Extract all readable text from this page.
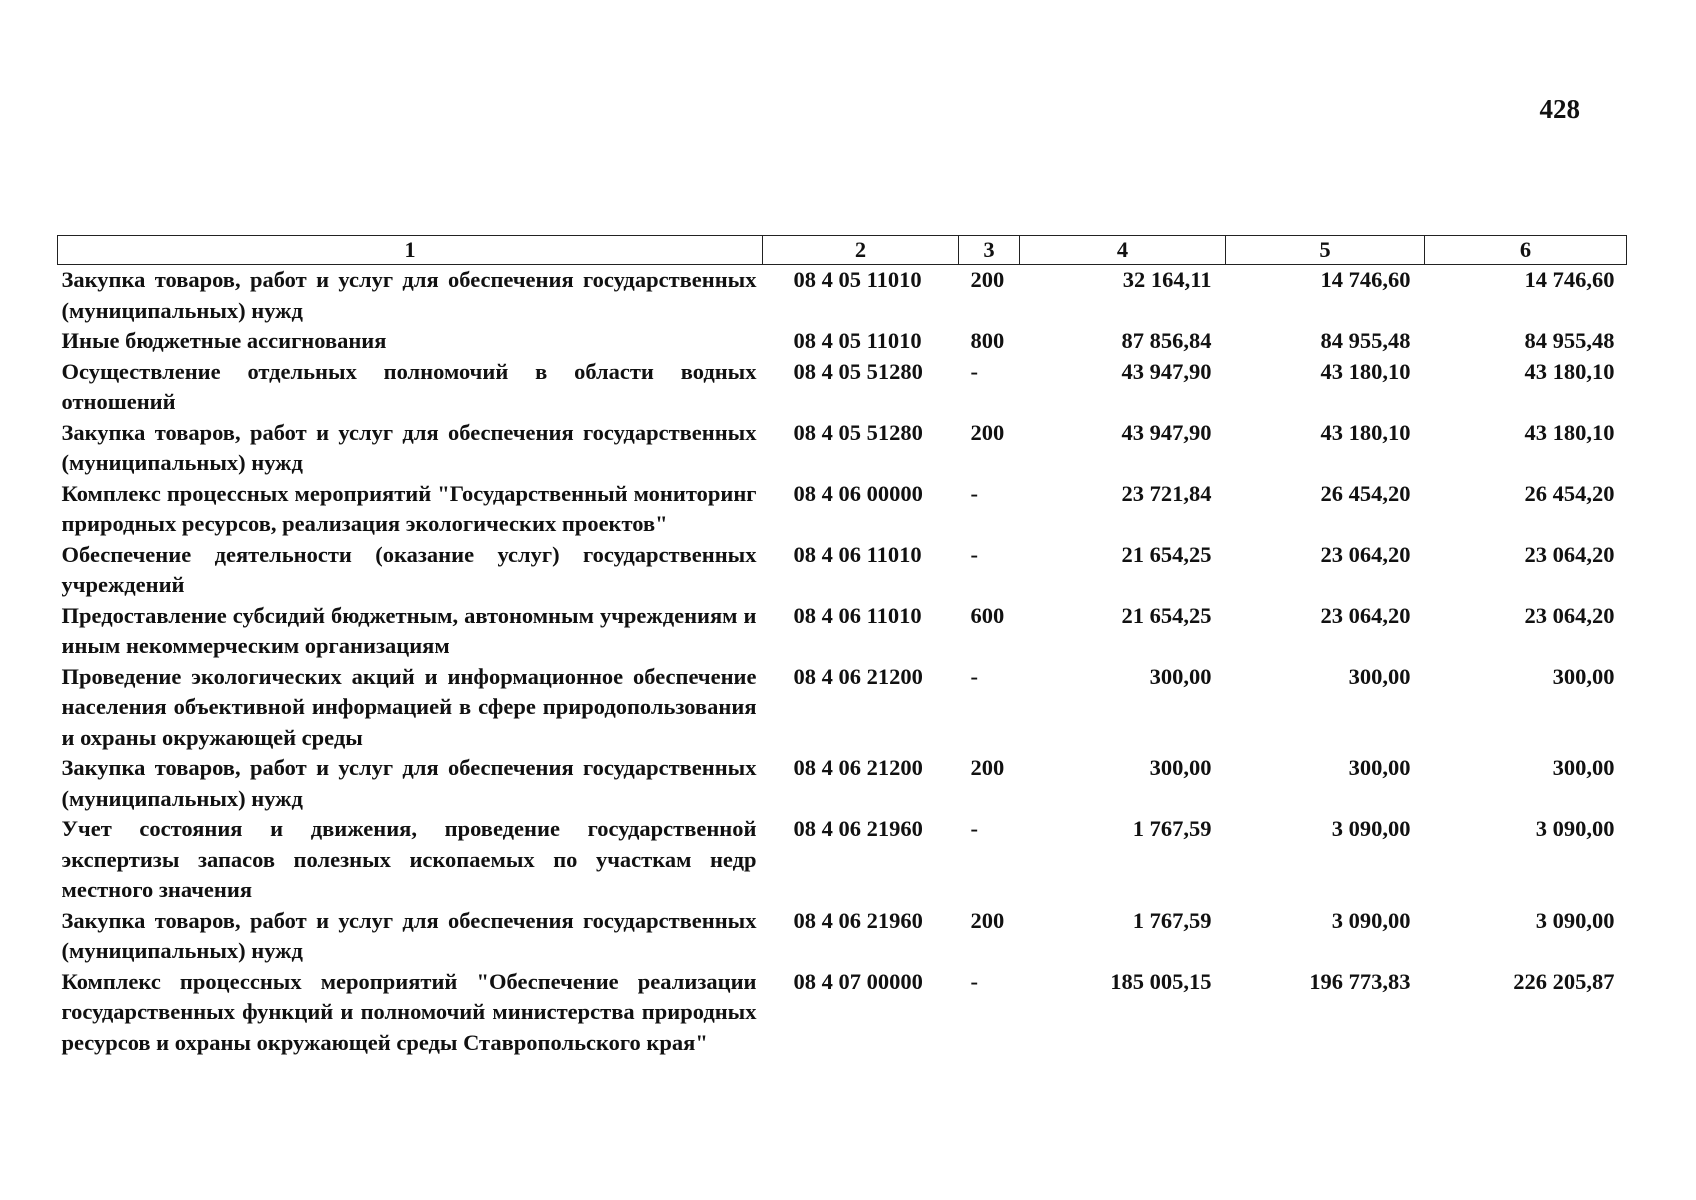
428
1	2	3	4	5	6
Закупка товаров, работ и услуг для обеспечения государственных (муниципальных) нужд	08 4 05 11010	200	32 164,11	14 746,60	14 746,60
Иные бюджетные ассигнования	08 4 05 11010	800	87 856,84	84 955,48	84 955,48
Осуществление отдельных полномочий в области водных отношений	08 4 05 51280	-	43 947,90	43 180,10	43 180,10
Закупка товаров, работ и услуг для обеспечения государственных (муниципальных) нужд	08 4 05 51280	200	43 947,90	43 180,10	43 180,10
Комплекс процессных мероприятий "Государственный мониторинг природных ресурсов, реализация экологических проектов"	08 4 06 00000	-	23 721,84	26 454,20	26 454,20
Обеспечение деятельности (оказание услуг) государственных учреждений	08 4 06 11010	-	21 654,25	23 064,20	23 064,20
Предоставление субсидий бюджетным, автономным учреждениям и иным некоммерческим организациям	08 4 06 11010	600	21 654,25	23 064,20	23 064,20
Проведение экологических акций и информационное обеспечение населения объективной информацией в сфере природопользования и охраны окружающей среды	08 4 06 21200	-	300,00	300,00	300,00
Закупка товаров, работ и услуг для обеспечения государственных (муниципальных) нужд	08 4 06 21200	200	300,00	300,00	300,00
Учет состояния и движения, проведение государственной экспертизы запасов полезных ископаемых по участкам недр местного значения	08 4 06 21960	-	1 767,59	3 090,00	3 090,00
Закупка товаров, работ и услуг для обеспечения государственных (муниципальных) нужд	08 4 06 21960	200	1 767,59	3 090,00	3 090,00
Комплекс процессных мероприятий "Обеспечение реализации государственных функций и полномочий министерства природных ресурсов и охраны окружающей среды Ставропольского края"	08 4 07 00000	-	185 005,15	196 773,83	226 205,87
